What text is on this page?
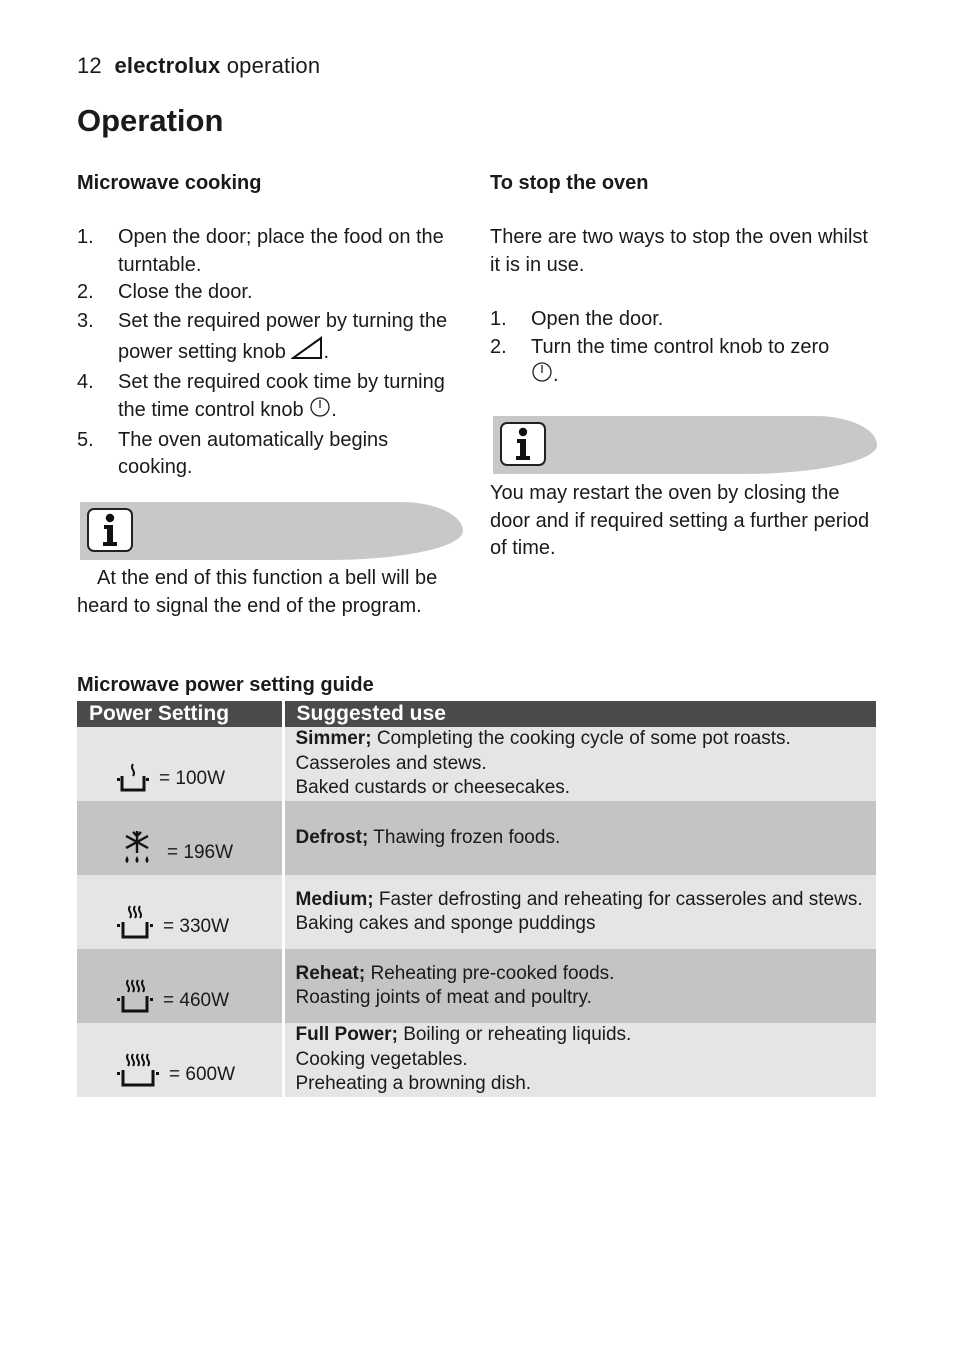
12 electrolux operation
Operation
Microwave cooking
1. Open the door; place the food on the turntable.
2. Close the door.
3. Set the required power by turning the power setting knob .
4. Set the required cook time by turning the time control knob .
5. The oven automatically begins cooking.

At the end of this function a bell will be heard to signal the end of the program.

To stop the oven

There are two ways to stop the oven whilst it is in use.

1. Open the door.
2. Turn the time control knob to zero
.

You may restart the oven by closing the door and if required setting a further period of time.

Microwave power setting guide
Power Setting	Suggested use

= 100W	Simmer; Completing the cooking cycle of some pot roasts.
Casseroles and stews.
Baked custards or cheesecakes.

= 196W	Defrost; Thawing frozen foods.

= 330W	Medium; Faster defrosting and reheating for casseroles and stews.
Baking cakes and sponge puddings

= 460W	Reheat; Reheating pre-cooked foods.
Roasting joints of meat and poultry.

= 600W	Full Power; Boiling or reheating liquids.
Cooking vegetables.
Preheating a browning dish.
